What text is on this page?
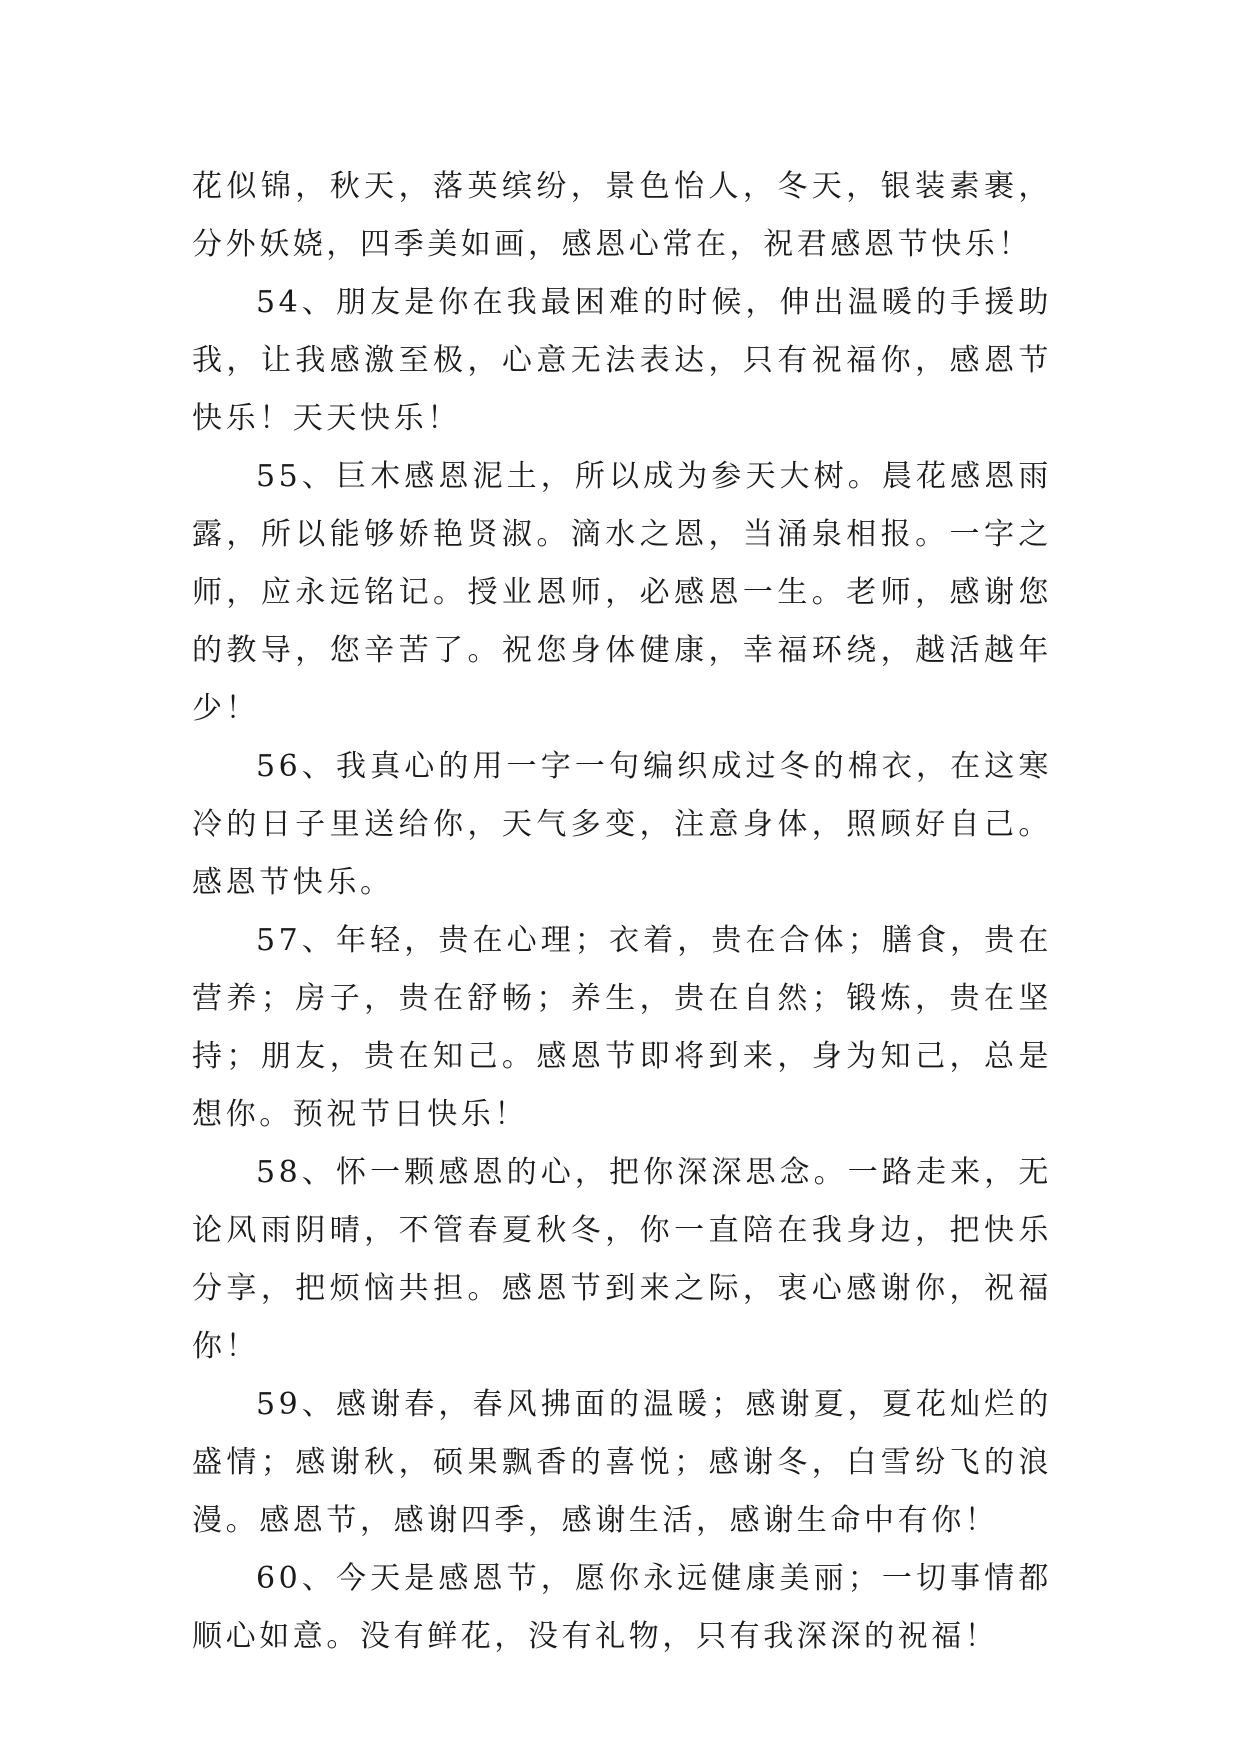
花似锦，秋天，落英缤纷，景色怡人，冬天，银装素裹，分外妖娆，四季美如画，感恩心常在，祝君感恩节快乐！

54、朋友是你在我最困难的时候，伸出温暖的手援助我，让我感激至极，心意无法表达，只有祝福你，感恩节快乐！天天快乐！

55、巨木感恩泥土，所以成为参天大树。晨花感恩雨露，所以能够娇艳贤淑。滴水之恩，当涌泉相报。一字之师，应永远铭记。授业恩师，必感恩一生。老师，感谢您的教导，您辛苦了。祝您身体健康，幸福环绕，越活越年少！

56、我真心的用一字一句编织成过冬的棉衣，在这寒冷的日子里送给你，天气多变，注意身体，照顾好自己。感恩节快乐。

57、年轻，贵在心理；衣着，贵在合体；膳食，贵在营养；房子，贵在舒畅；养生，贵在自然；锻炼，贵在坚持；朋友，贵在知己。感恩节即将到来，身为知己，总是想你。预祝节日快乐！

58、怀一颗感恩的心，把你深深思念。一路走来，无论风雨阴晴，不管春夏秋冬，你一直陪在我身边，把快乐分享，把烦恼共担。感恩节到来之际，衷心感谢你，祝福你！

59、感谢春，春风拂面的温暖；感谢夏，夏花灿烂的盛情；感谢秋，硕果飘香的喜悦；感谢冬，白雪纷飞的浪漫。感恩节，感谢四季，感谢生活，感谢生命中有你！

60、今天是感恩节，愿你永远健康美丽；一切事情都顺心如意。没有鲜花，没有礼物，只有我深深的祝福！
